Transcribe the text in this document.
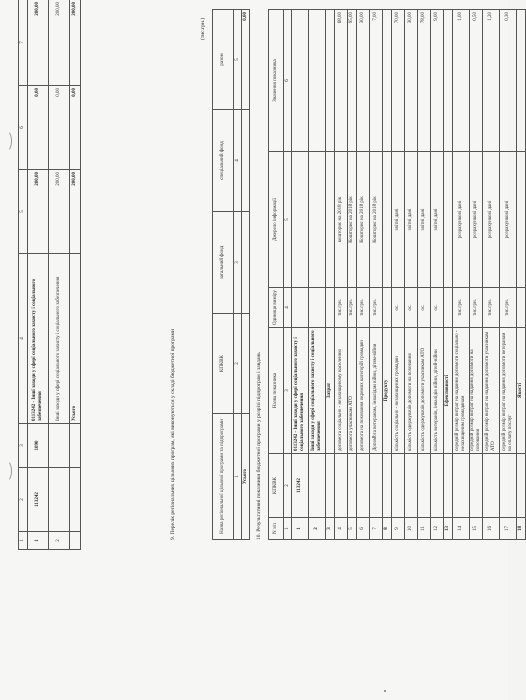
1	2	3	4	5	6	7
1	113242	1090	0113242 - Інші заходи у сфері соціального захисту і соціального забезпечення	200,00	0,00	200,00
2			Інші заходи у сфері соціального захисту і соціального забезпечення	200,00	0,00	200,00
			Усього	200,00	0,00	200,00
9. Перелік регіональних цільових програм, які виконуються у складі бюджетної програми
(тис.грн.)
Назва регіональної цільової програми та підпрограми	КПКВК	загальний фонд	спеціальний фонд	разом
1	2	3	4	5
Усього				0,00
10. Результативні показники бюджетної програми у розрізі підпрограм і завдань N з/п	КПКВК	Назва показника	Одиниця виміру	Джерело інформації	Значення показника
1	2	3	4	5	6
1	113242	0113242 - Інші заходи у сфері соціального захисту і соціального забезпечення			
2		Інші заходи у сфері соціального захисту і соціального забезпечення			
3		Затрат			
4		допомога соціально - незахищеному населенню	тис.грн.	кошторис на 2018 рік	68,00
5		допомога учасникам АТО	тис.грн.	Кошторис на 2018 рік	95,00
6		допомога на поховання окремих категорій громадян	тис.грн.	Кошторис на 2018 рік	30,00
7		Допомога ветеранам, інвалідам війни, дітям-війни	тис.грн.	Кошторис на 2018 рік	7,00
8		Продукту			
9		кількість соціально - незахищених громадян	ос.	звітні дані	70,00
10		кількість одержувачів допомоги на поховання	ос.	звітні дані	30,00
11		кількість одержувачів допомоги учасникам АТО	ос.	звітні дані	78,00
12		кількість ветеранів, інвалідів війни, дітей-війни	ос.	звітні дані	9,00
13		Ефективності			
14		середній розмір витрат на надання допомоги соціально - незахищеним громадянам	тис.грн.	розрахункові дані	1,00
15		середній розмір витрат на надання допомоги на поховання	тис.грн.	розрахункові дані	0,50
16		середній розмір витрат на надання допомоги учасникам АТО	тис.грн.	розрахункові дані	1,20
17		середній розмір витрат на надання допомоги ветеранам на оплату послуг	тис.грн.	розрахункові дані	0,30
18		Якості			
